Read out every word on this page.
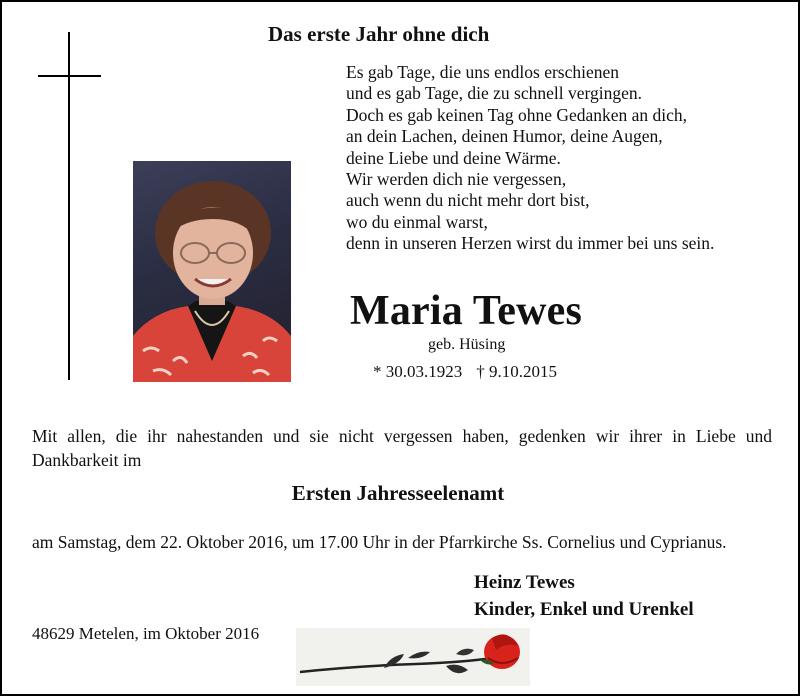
Das erste Jahr ohne dich
Es gab Tage, die uns endlos erschienen
und es gab Tage, die zu schnell vergingen.
Doch es gab keinen Tag ohne Gedanken an dich,
an dein Lachen, deinen Humor, deine Augen,
deine Liebe und deine Wärme.
Wir werden dich nie vergessen,
auch wenn du nicht mehr dort bist,
wo du einmal warst,
denn in unseren Herzen wirst du immer bei uns sein.
Maria Tewes
geb. Hüsing
* 30.03.1923 † 9.10.2015
Mit allen, die ihr nahestanden und sie nicht vergessen haben, gedenken wir ihrer in Liebe und Dankbarkeit im
Ersten Jahresseelenamt
am Samstag, dem 22. Oktober 2016, um 17.00 Uhr in der Pfarrkirche Ss. Cornelius und Cyprianus.
Heinz Tewes
Kinder, Enkel und Urenkel
48629 Metelen, im Oktober 2016
